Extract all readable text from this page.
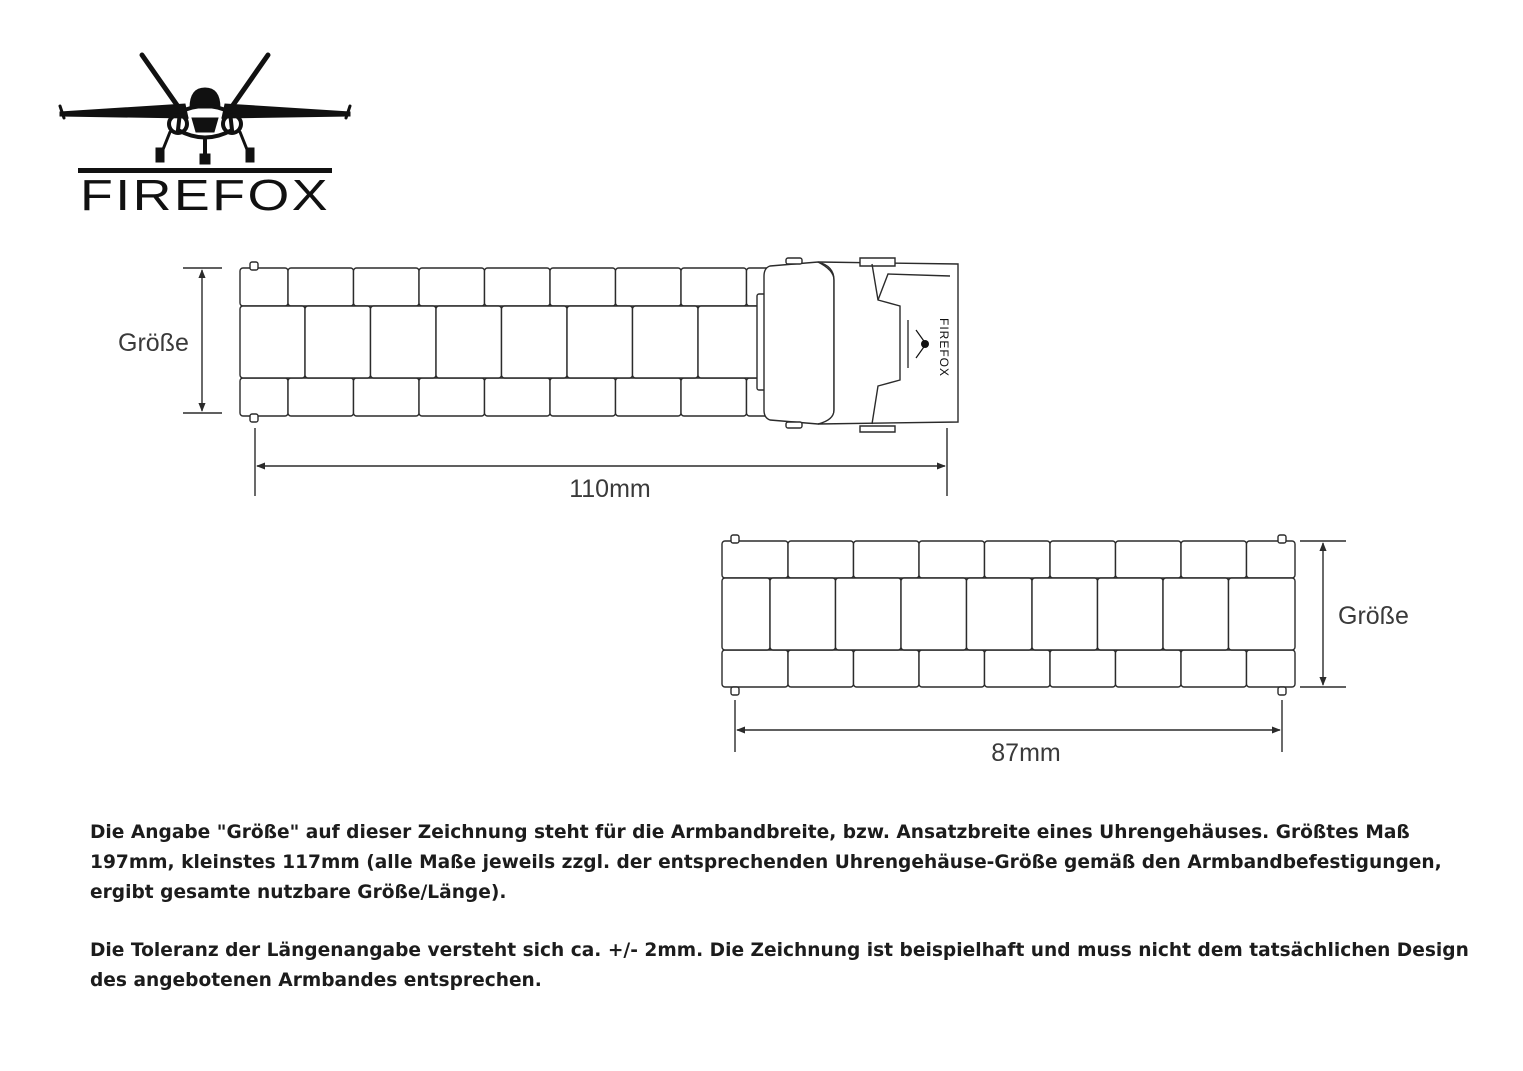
FIREFOX
FIREFOX
Größe
110mm
Größe
87mm

Die Angabe "Größe" auf dieser Zeichnung steht für die Armbandbreite, bzw. Ansatzbreite eines Uhrengehäuses. Größtes Maß 197mm, kleinstes 117mm (alle Maße jeweils zzgl. der entsprechenden Uhrengehäuse-Größe gemäß den Armbandbefestigungen, ergibt gesamte nutzbare Größe/Länge).

Die Toleranz der Längenangabe versteht sich ca. +/- 2mm. Die Zeichnung ist beispielhaft und muss nicht dem tatsächlichen Design des angebotenen Armbandes entsprechen.
